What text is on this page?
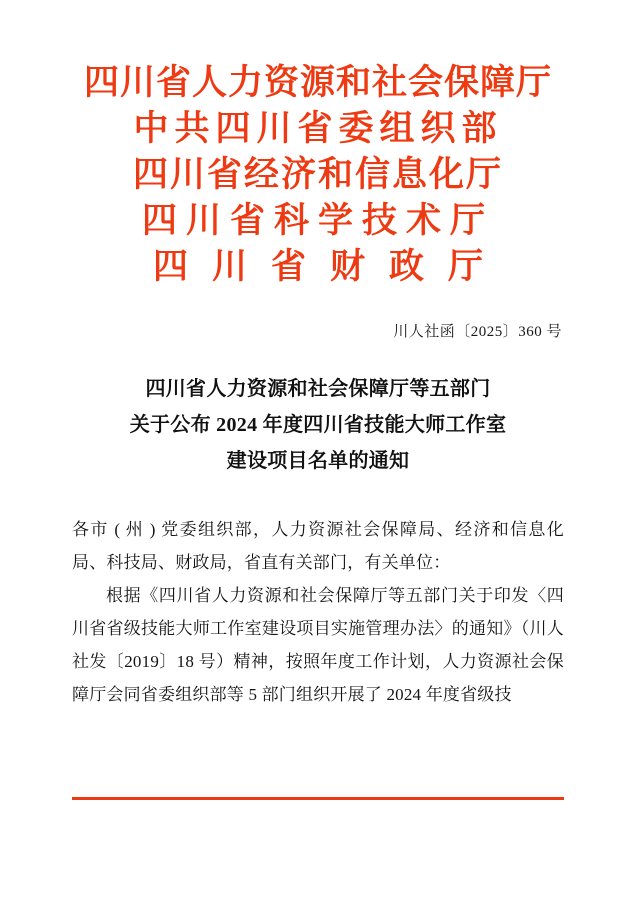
四川省人力资源和社会保障厅
中共四川省委组织部
四川省经济和信息化厅
四川省科学技术厅
四川省财政厅
川人社函〔2025〕360 号
四川省人力资源和社会保障厅等五部门
关于公布 2024 年度四川省技能大师工作室
建设项目名单的通知

各市 ( 州 ) 党委组织部，人力资源社会保障局、经济和信息化局、科技局、财政局，省直有关部门，有关单位：

根据《四川省人力资源和社会保障厅等五部门关于印发〈四川省省级技能大师工作室建设项目实施管理办法〉的通知》（川人社发〔2019〕18 号）精神，按照年度工作计划，人力资源社会保障厅会同省委组织部等 5 部门组织开展了 2024 年度省级技
